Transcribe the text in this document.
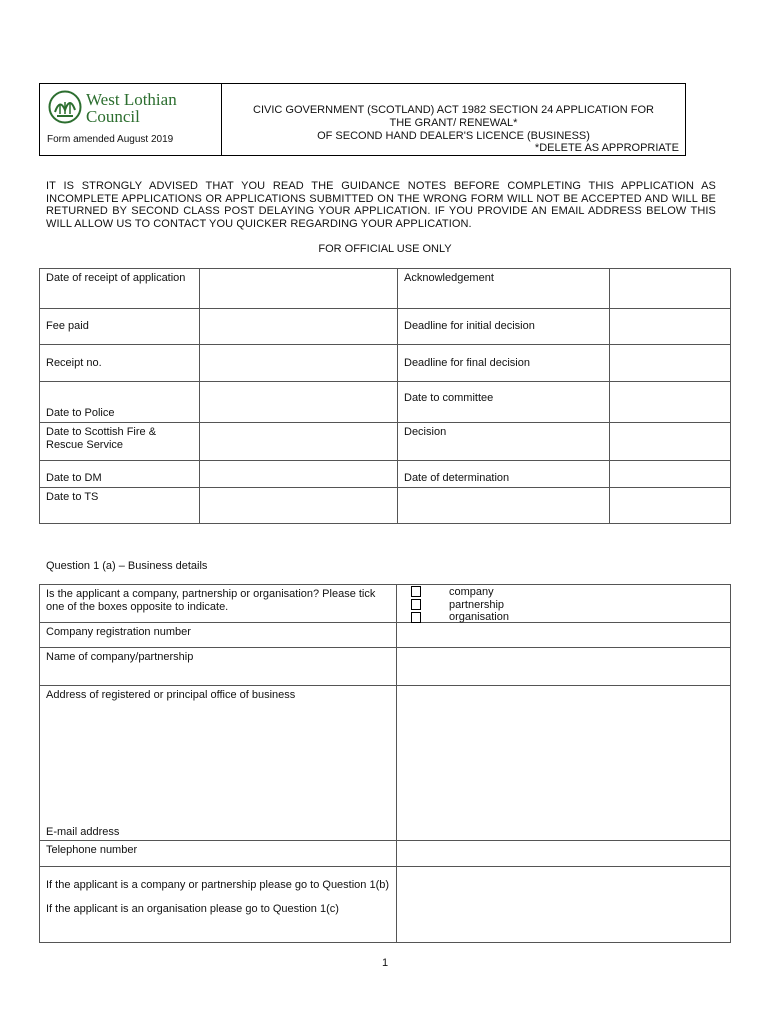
West Lothian
Council
Form amended August 2019
CIVIC GOVERNMENT (SCOTLAND) ACT 1982 SECTION 24 APPLICATION FOR
THE GRANT/ RENEWAL*
OF SECOND HAND DEALER'S LICENCE (BUSINESS)
*DELETE AS APPROPRIATE
IT IS STRONGLY ADVISED THAT YOU READ THE GUIDANCE NOTES BEFORE COMPLETING THIS APPLICATION AS INCOMPLETE APPLICATIONS OR APPLICATIONS SUBMITTED ON THE WRONG FORM WILL NOT BE ACCEPTED AND WILL BE RETURNED BY SECOND CLASS POST DELAYING YOUR APPLICATION. IF YOU PROVIDE AN EMAIL ADDRESS BELOW THIS WILL ALLOW US TO CONTACT YOU QUICKER REGARDING YOUR APPLICATION.
FOR OFFICIAL USE ONLY
Date of receipt of application		Acknowledgement	
Fee paid		Deadline for initial decision	
Receipt no.		Deadline for final decision	
Date to Police		Date to committee	
Date to Scottish Fire & Rescue Service		Decision	
Date to DM		Date of determination	
Date to TS			
Question 1 (a) – Business details
Is the applicant a company, partnership or organisation? Please tick one of the boxes opposite to indicate.	company
partnership
organisation

Company registration number	
Name of company/partnership	

Address of registered or principal office of business
E-mail address	

Telephone number	

If the applicant is a company or partnership please go to Question 1(b)
If the applicant is an organisation please go to Question 1(c)	

1
